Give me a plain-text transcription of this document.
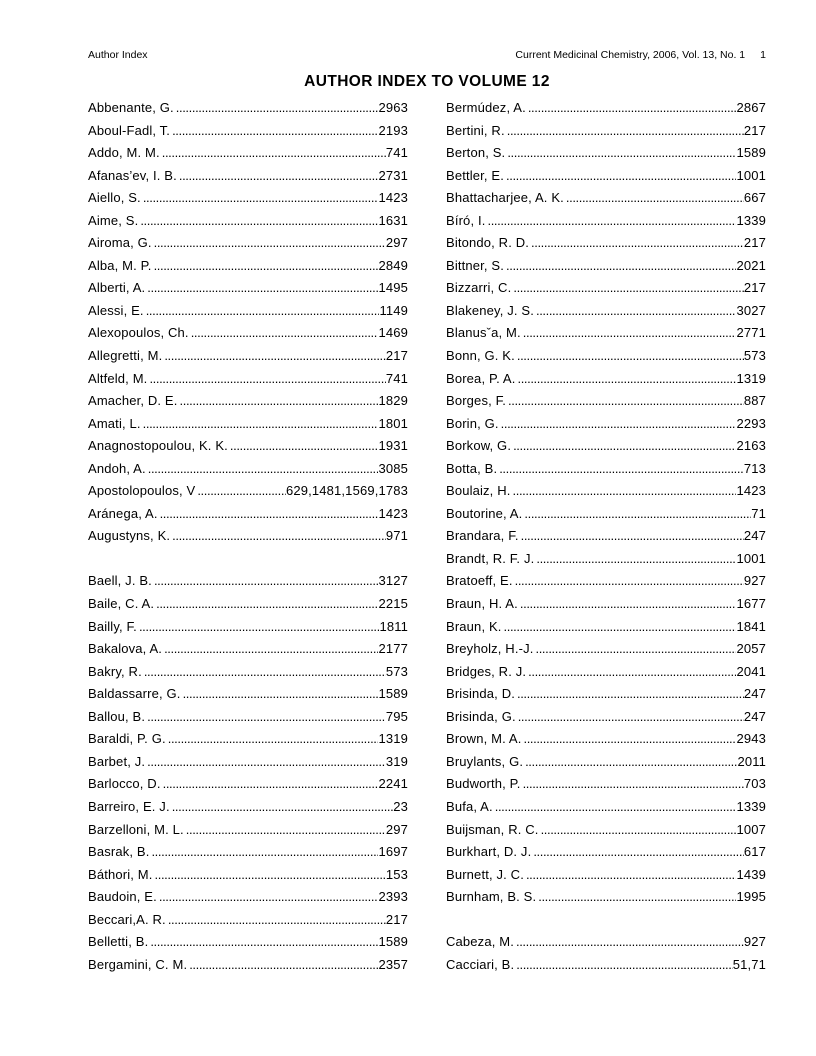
Author Index	Current Medicinal Chemistry, 2006, Vol. 13, No. 1 1
AUTHOR INDEX TO VOLUME 12
Abbenante, G. .....	2963
Aboul-Fadl, T. .....	2193
Addo, M. M. .....	741
Afanas’ev, I. B. .....	2731
Aiello, S. .....	1423
Aime, S. .....	1631
Airoma, G. .....	297
Alba, M. P. .....	2849
Alberti, A. .....	1495
Alessi, E. .....	1149
Alexopoulos, Ch. .....	1469
Allegretti, M. .....	217
Altfeld, M. .....	741
Amacher, D. E. .....	1829
Amati, L. .....	1801
Anagnostopoulou, K. K. .....	1931
Andoh, A. .....	3085
Apostolopoulos, V .....	629,1481,1569,1783
Aránega, A. .....	1423
Augustyns, K. .....	971
Baell, J. B. .....	3127
Baile, C. A. .....	2215
Bailly, F. .....	1811
Bakalova, A. .....	2177
Bakry, R. .....	573
Baldassarre, G. .....	1589
Ballou, B. .....	795
Baraldi, P. G. .....	1319
Barbet, J. .....	319
Barlocco, D. .....	2241
Barreiro, E. J. .....	23
Barzelloni, M. L. .....	297
Basrak, B. .....	1697
Báthori, M. .....	153
Baudoin, E. .....	2393
Beccari,A. R. .....	217
Belletti, B. .....	1589
Bergamini, C. M. .....	2357
Bermúdez, A. .....	2867
Bertini, R. .....	217
Berton, S. .....	1589
Bettler, E. .....	1001
Bhattacharjee, A. K. .....	667
Bíró, I. .....	1339
Bitondo, R. D. .....	217
Bittner, S. .....	2021
Bizzarri, C. .....	217
Blakeney, J. S. .....	3027
Blanusˇa, M. .....	2771
Bonn, G. K. .....	573
Borea, P. A. .....	1319
Borges, F. .....	887
Borin, G. .....	2293
Borkow, G. .....	2163
Botta, B. .....	713
Boulaiz, H. .....	1423
Boutorine, A. .....	71
Brandara, F. .....	247
Brandt, R. F. J. .....	1001
Bratoeff, E. .....	927
Braun, H. A. .....	1677
Braun, K. .....	1841
Breyholz, H.-J. .....	2057
Bridges, R. J. .....	2041
Brisinda, D. .....	247
Brisinda, G. .....	247
Brown, M. A. .....	2943
Bruylants, G. .....	2011
Budworth, P. .....	703
Bufa, A. .....	1339
Buijsman, R. C. .....	1007
Burkhart, D. J. .....	617
Burnett, J. C. .....	1439
Burnham, B. S. .....	1995
Cabeza, M. .....	927
Cacciari, B. .....	51,71
